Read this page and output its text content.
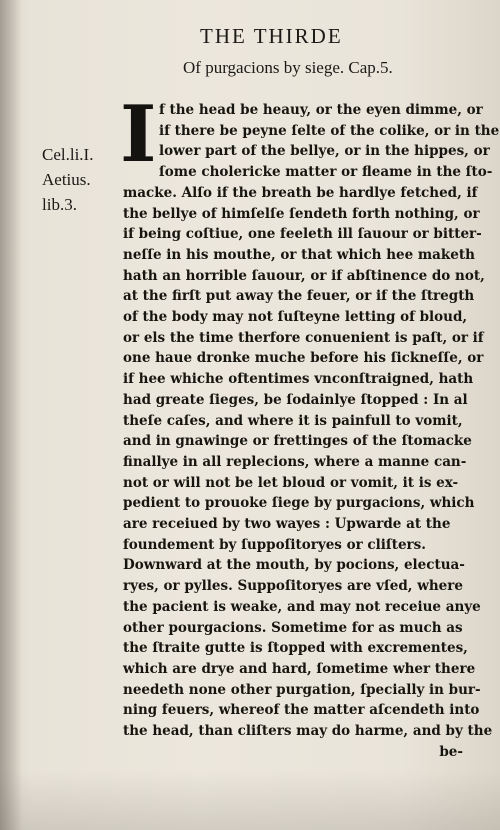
THE THIRDE
Of purgacions by siege. Cap.5.
Cel.li.I.
Aetius.
lib.3.
I f the head be heauy, or the eyen dimme, or
if there be peyne ſelte of the colike, or in the
lower part of the bellye, or in the hippes, or
ſome cholericke matter or fleame in the ſto-
macke. Alſo if the breath be hardlye fetched, if
the bellye of himſelſe ſendeth forth nothing, or
if being coſtiue, one feeleth ill ſauour or bitter-
neſſe in his mouthe, or that which hee maketh
hath an horrible ſauour, or if abſtinence do not,
at the firſt put away the feuer, or if the ſtregth
of the body may not ſuſteyne letting of bloud,
or els the time therfore conuenient is paſt, or if
one haue dronke muche before his ſickneſſe, or
if hee whiche oftentimes vnconſtraigned, hath
had greate ſieges, be ſodainlye ſtopped : In al
theſe caſes, and where it is painfull to vomit,
and in gnawinge or frettinges of the ſtomacke
finallye in all replecions, where a manne can-
not or will not be let bloud or vomit, it is ex-
pedient to prouoke ſiege by purgacions, which
are receiued by two wayes : Upwarde at the
foundement by ſuppoſitoryes or cliſters.
Downward at the mouth, by pocions, electua-
ryes, or pylles. Suppoſitoryes are vſed, where
the pacient is weake, and may not receiue anye
other pourgacions. Sometime for as much as
the ſtraite gutte is ſtopped with excrementes,
which are drye and hard, ſometime wher there
needeth none other purgation, ſpecially in bur-
ning feuers, whereof the matter aſcendeth into
the head, than cliſters may do harme, and by the
be-
